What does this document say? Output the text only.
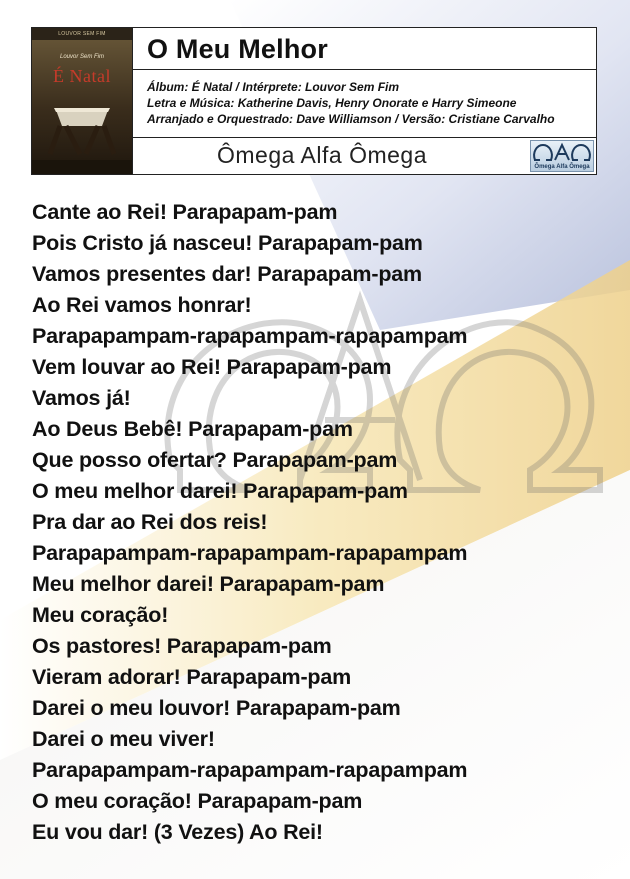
LOUVOR SEM FIM
Louvor Sem Fim
É Natal
O Meu Melhor
Álbum: É Natal / Intérprete: Louvor Sem Fim
Letra e Música: Katherine Davis, Henry Onorate e Harry Simeone
Arranjado e Orquestrado: Dave Williamson / Versão: Cristiane Carvalho
Ômega Alfa Ômega	Ômega Alfa Ômega
Cante ao Rei! Parapapam-pam
Pois Cristo já nasceu! Parapapam-pam
Vamos presentes dar! Parapapam-pam
Ao Rei vamos honrar!
Parapapampam-rapapampam-rapapampam
Vem louvar ao Rei! Parapapam-pam
Vamos já!
Ao Deus Bebê! Parapapam-pam
Que posso ofertar? Parapapam-pam
O meu melhor darei! Parapapam-pam
Pra dar ao Rei dos reis!
Parapapampam-rapapampam-rapapampam
Meu melhor darei! Parapapam-pam
Meu coração!
Os pastores! Parapapam-pam
Vieram adorar! Parapapam-pam
Darei o meu louvor! Parapapam-pam
Darei o meu viver!
Parapapampam-rapapampam-rapapampam
O meu coração! Parapapam-pam
Eu vou dar! (3 Vezes) Ao Rei!
